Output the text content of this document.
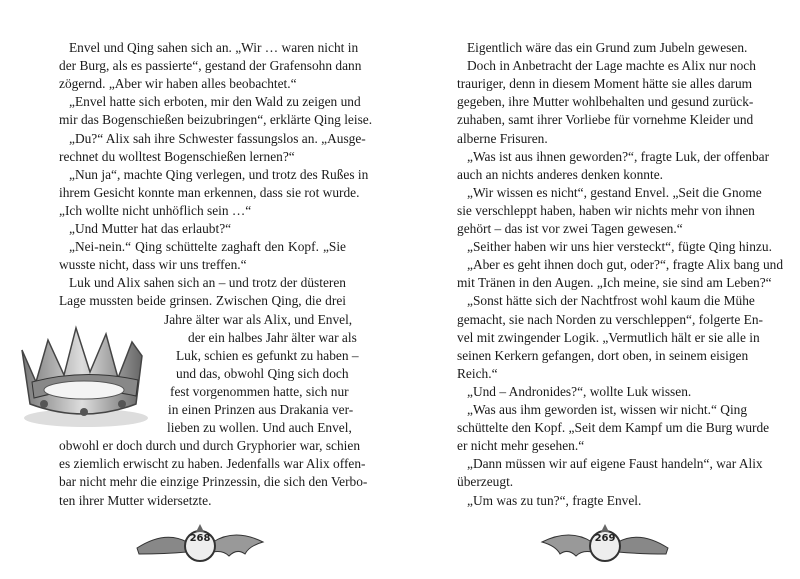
268
Envel und Qing sahen sich an. „Wir … waren nicht in
der Burg, als es passierte“, gestand der Grafensohn dann
zögernd. „Aber wir haben alles beobachtet.“
„Envel hatte sich erboten, mir den Wald zu zeigen und
mir das Bogenschießen beizubringen“, erklärte Qing leise.
„Du?“ Alix sah ihre Schwester fassungslos an. „Ausge-
rechnet du wolltest Bogenschießen lernen?“
„Nun ja“, machte Qing verlegen, und trotz des Rußes in
ihrem Gesicht konnte man erkennen, dass sie rot wurde.
„Ich wollte nicht unhöflich sein …“
„Und Mutter hat das erlaubt?“
„Nei-nein.“ Qing schüttelte zaghaft den Kopf. „Sie
wusste nicht, dass wir uns treffen.“
Luk und Alix sahen sich an – und trotz der düsteren
Lage mussten beide grinsen. Zwischen Qing, die drei
Jahre älter war als Alix, und Envel,
der ein halbes Jahr älter war als
Luk, schien es gefunkt zu haben –
und das, obwohl Qing sich doch
fest vorgenommen hatte, sich nur
in einen Prinzen aus Drakania ver-
lieben zu wollen. Und auch Envel,
obwohl er doch durch und durch Gryphorier war, schien
es ziemlich erwischt zu haben. Jedenfalls war Alix offen-
bar nicht mehr die einzige Prinzessin, die sich den Verbo-
ten ihrer Mutter widersetzte.
269
Eigentlich wäre das ein Grund zum Jubeln gewesen.
Doch in Anbetracht der Lage machte es Alix nur noch
trauriger, denn in diesem Moment hätte sie alles darum
gegeben, ihre Mutter wohlbehalten und gesund zurück-
zuhaben, samt ihrer Vorliebe für vornehme Kleider und
alberne Frisuren.
„Was ist aus ihnen geworden?“, fragte Luk, der offenbar
auch an nichts anderes denken konnte.
„Wir wissen es nicht“, gestand Envel. „Seit die Gnome
sie verschleppt haben, haben wir nichts mehr von ihnen
gehört – das ist vor zwei Tagen gewesen.“
„Seither haben wir uns hier versteckt“, fügte Qing hinzu.
„Aber es geht ihnen doch gut, oder?“, fragte Alix bang und
mit Tränen in den Augen. „Ich meine, sie sind am Leben?“
„Sonst hätte sich der Nachtfrost wohl kaum die Mühe
gemacht, sie nach Norden zu verschleppen“, folgerte En-
vel mit zwingender Logik. „Vermutlich hält er sie alle in
seinen Kerkern gefangen, dort oben, in seinem eisigen
Reich.“
„Und – Andronides?“, wollte Luk wissen.
„Was aus ihm geworden ist, wissen wir nicht.“ Qing
schüttelte den Kopf. „Seit dem Kampf um die Burg wurde
er nicht mehr gesehen.“
„Dann müssen wir auf eigene Faust handeln“, war Alix
überzeugt.
„Um was zu tun?“, fragte Envel.
